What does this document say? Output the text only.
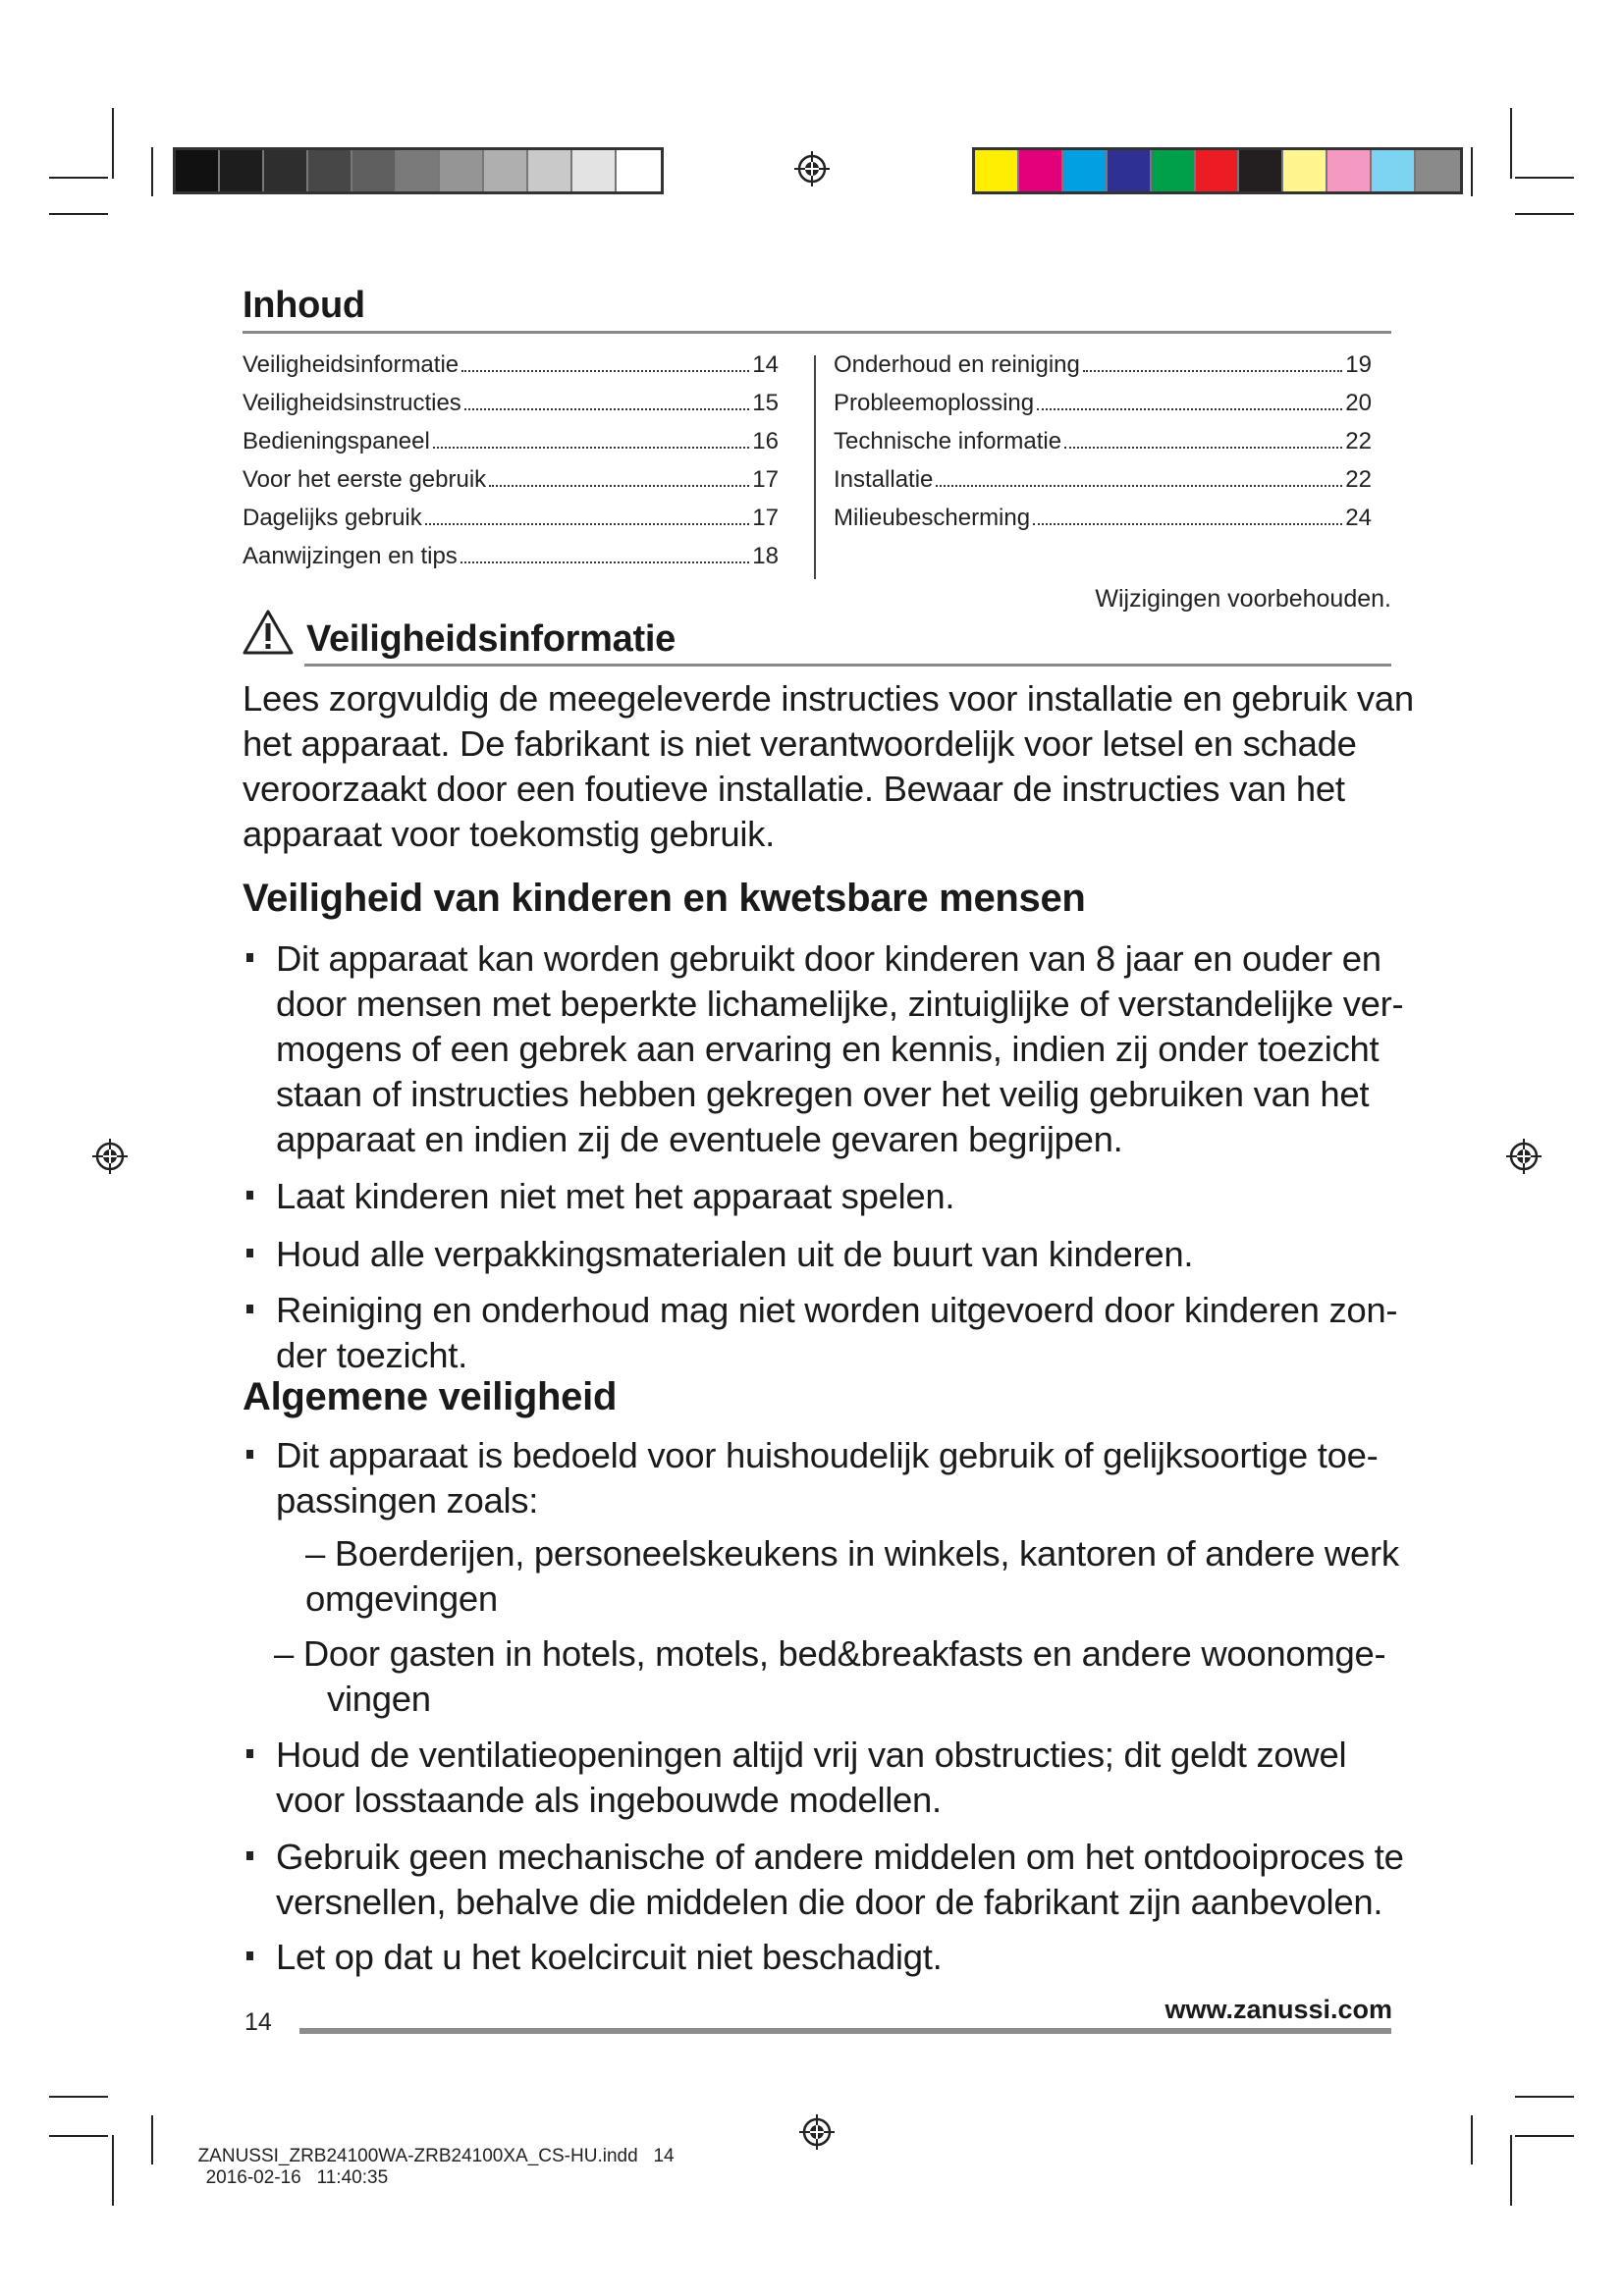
Inhoud
Veiligheidsinformatie	14
Veiligheidsinstructies	15
Bedieningspaneel	16
Voor het eerste gebruik	17
Dagelijks gebruik	17
Aanwijzingen en tips	18
Onderhoud en reiniging	19
Probleemoplossing	20
Technische informatie	22
Installatie	22
Milieubescherming	24
Wijzigingen voorbehouden.
Veiligheidsinformatie
Lees zorgvuldig de meegeleverde instructies voor installatie en gebruik van
het apparaat. De fabrikant is niet verantwoordelijk voor letsel en schade
veroorzaakt door een foutieve installatie. Bewaar de instructies van het
apparaat voor toekomstig gebruik.
Veiligheid van kinderen en kwetsbare mensen
Dit apparaat kan worden gebruikt door kinderen van 8 jaar en ouder en
door mensen met beperkte lichamelijke, zintuiglijke of verstandelijke ver-
mogens of een gebrek aan ervaring en kennis, indien zij onder toezicht
staan of instructies hebben gekregen over het veilig gebruiken van het
apparaat en indien zij de eventuele gevaren begrijpen.
Laat kinderen niet met het apparaat spelen.
Houd alle verpakkingsmaterialen uit de buurt van kinderen.
Reiniging en onderhoud mag niet worden uitgevoerd door kinderen zon-
der toezicht.
Algemene veiligheid
Dit apparaat is bedoeld voor huishoudelijk gebruik of gelijksoortige toe-
passingen zoals:
– Boerderijen, personeelskeukens in winkels, kantoren of andere werk
omgevingen
– Door gasten in hotels, motels, bed&breakfasts en andere woonomge-
vingen
Houd de ventilatieopeningen altijd vrij van obstructies; dit geldt zowel
voor losstaande als ingebouwde modellen.
Gebruik geen mechanische of andere middelen om het ontdooiproces te
versnellen, behalve die middelen die door de fabrikant zijn aanbevolen.
Let op dat u het koelcircuit niet beschadigt.
14	www.zanussi.com

ZANUSSI_ZRB24100WA-ZRB24100XA_CS-HU.indd   14
2016-02-16   11:40:35
